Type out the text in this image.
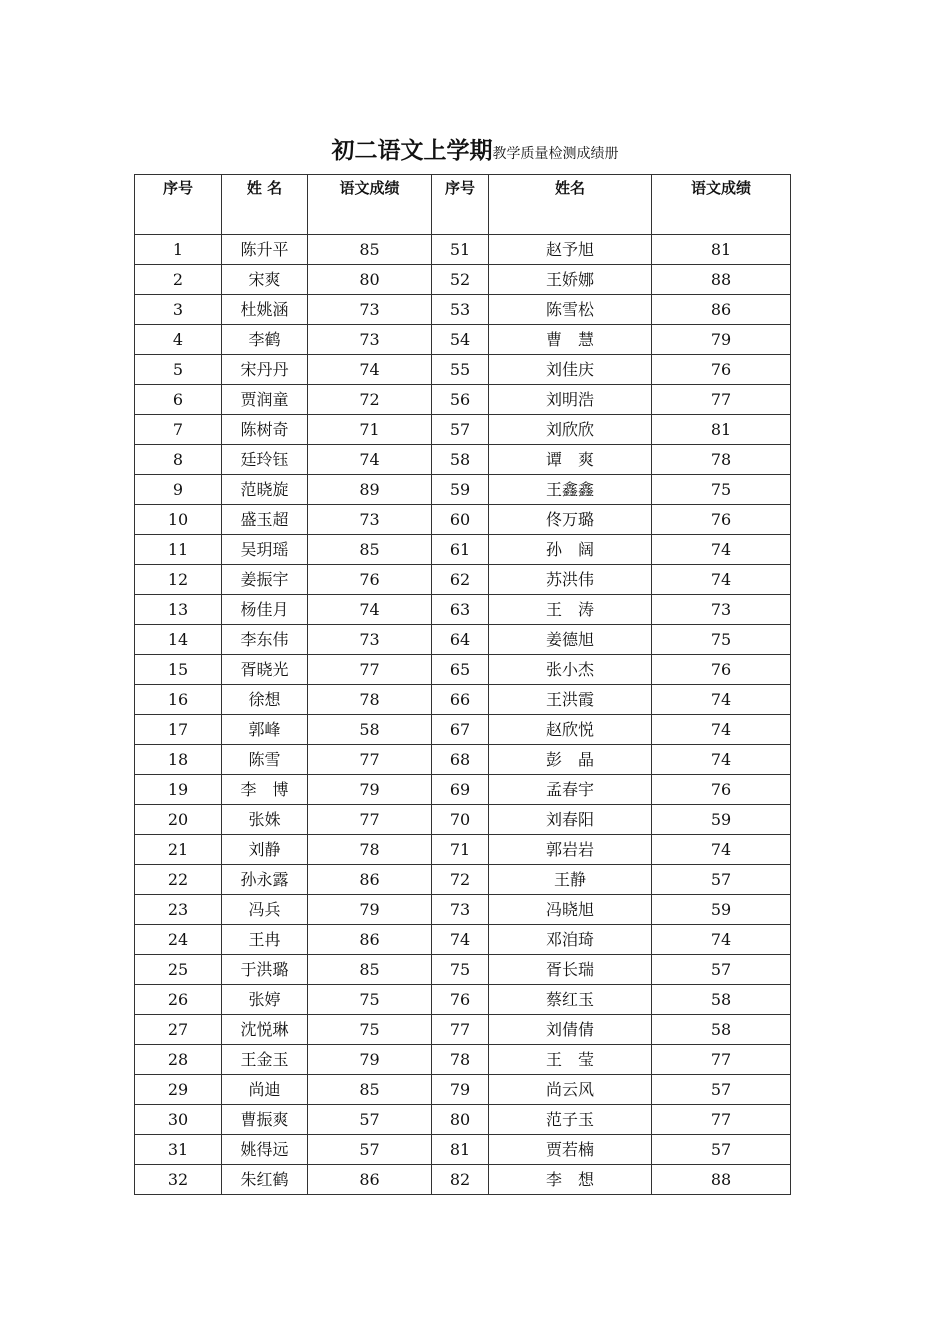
初二语文上学期教学质量检测成绩册
序号	姓 名	语文成绩	序号	姓名	语文成绩
1	陈升平	85	51	赵予旭	81
2	宋爽	80	52	王娇娜	88
3	杜姚涵	73	53	陈雪松	86
4	李鹤	73	54	曹　慧	79
5	宋丹丹	74	55	刘佳庆	76
6	贾润童	72	56	刘明浩	77
7	陈树奇	71	57	刘欣欣	81
8	廷玲钰	74	58	谭　爽	78
9	范晓旋	89	59	王鑫鑫	75
10	盛玉超	73	60	佟万璐	76
11	吴玥瑶	85	61	孙　阔	74
12	姜振宇	76	62	苏洪伟	74
13	杨佳月	74	63	王　涛	73
14	李东伟	73	64	姜德旭	75
15	胥晓光	77	65	张小杰	76
16	徐想	78	66	王洪霞	74
17	郭峰	58	67	赵欣悦	74
18	陈雪	77	68	彭　晶	74
19	李　博	79	69	孟春宇	76
20	张姝	77	70	刘春阳	59
21	刘静	78	71	郭岩岩	74
22	孙永露	86	72	王静	57
23	冯兵	79	73	冯晓旭	59
24	王冉	86	74	邓洎琦	74
25	于洪璐	85	75	胥长瑞	57
26	张婷	75	76	蔡红玉	58
27	沈悦琳	75	77	刘倩倩	58
28	王金玉	79	78	王　莹	77
29	尚迪	85	79	尚云风	57
30	曹振爽	57	80	范子玉	77
31	姚得远	57	81	贾若楠	57
32	朱红鹤	86	82	李　想	88
